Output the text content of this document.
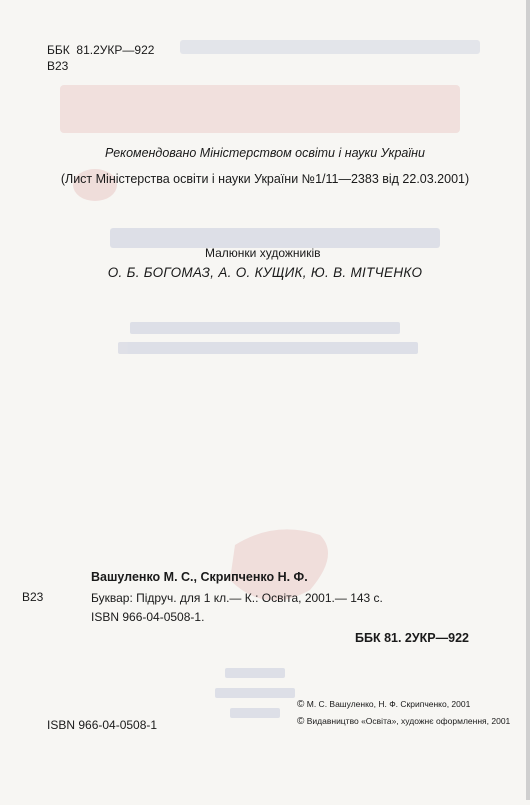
ББК 81.2УКР—922
В23
Рекомендовано Міністерством освіти і науки України
(Лист Міністерства освіти і науки України №1/11—2383 від 22.03.2001)
Малюнки художників
О. Б. БОГОМАЗ, А. О. КУЩИК, Ю. В. МІТЧЕНКО
Вашуленко М. С., Скрипченко Н. Ф.
В23	Буквар: Підруч. для 1 кл.— К.: Освіта, 2001.— 143 с.
ISBN 966-04-0508-1.
ББК 81. 2УКР—922
ISBN 966-04-0508-1
© М. С. Вашуленко, Н. Ф. Скрипченко, 2001
© Видавництво «Освіта», художнє оформлення, 2001
